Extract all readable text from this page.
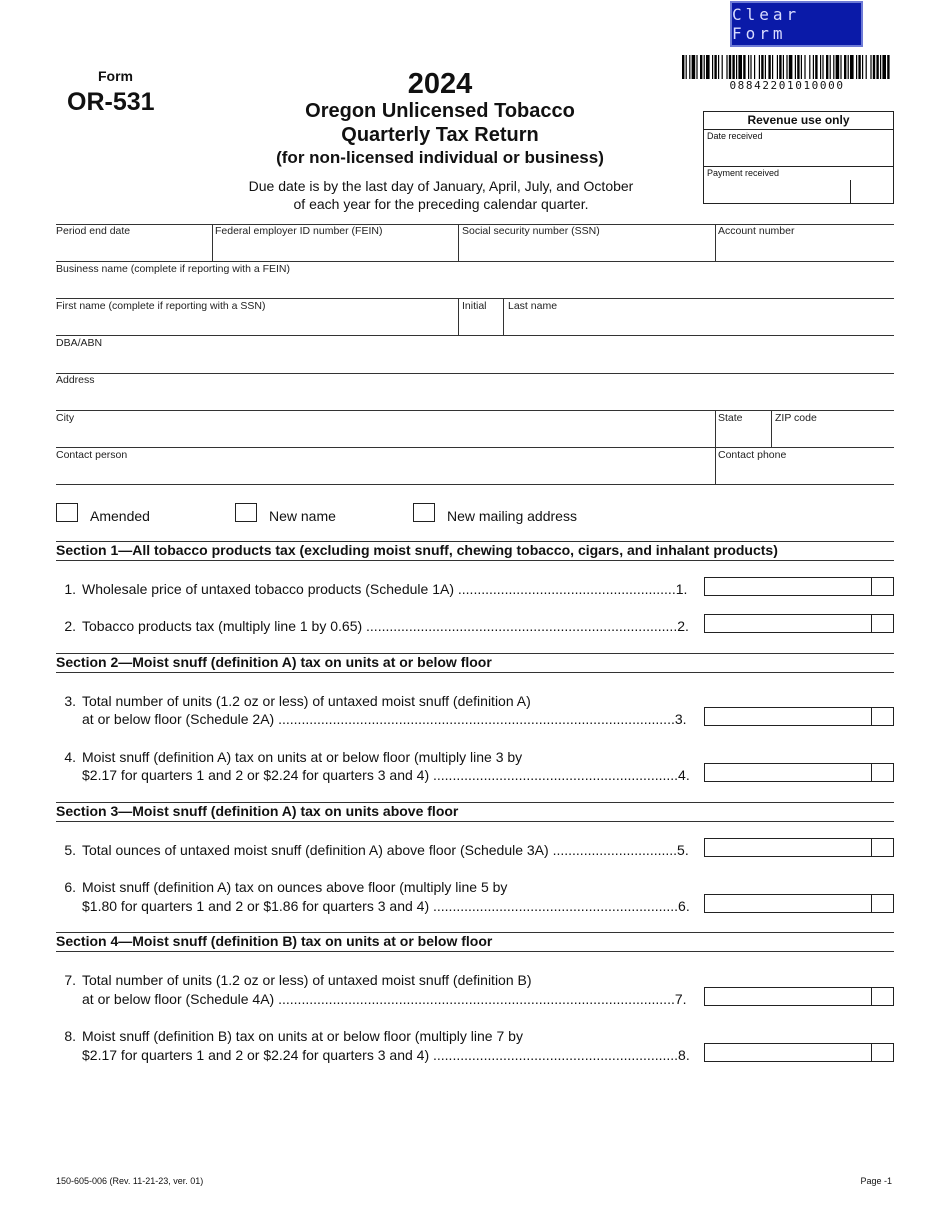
Clear Form
Form
OR-531
2024
Oregon Unlicensed Tobacco
Quarterly Tax Return
(for non-licensed individual or business)
Due date is by the last day of January, April, July, and October
of each year for the preceding calendar quarter.
08842201010000
Revenue use only
Date received
Payment received
Period end date	Federal employer ID number (FEIN)	Social security number (SSN)	Account number
Business name (complete if reporting with a FEIN)
First name (complete if reporting with a SSN)	Initial Last name
DBA/ABN
Address
City	State	ZIP code
Contact person	Contact phone
Amended	New name	New mailing address
Section 1—All tobacco products tax (excluding moist snuff, chewing tobacco, cigars, and inhalant products)
1. Wholesale price of untaxed tobacco products (Schedule 1A) ........................................................1.
2. Tobacco products tax (multiply line 1 by 0.65) ................................................................................2.
Section 2—Moist snuff (definition A) tax on units at or below floor
3. Total number of units (1.2 oz or less) of untaxed moist snuff (definition A)
at or below floor (Schedule 2A) ......................................................................................................3.
4. Moist snuff (definition A) tax on units at or below floor (multiply line 3 by
$2.17 for quarters 1 and 2 or $2.24 for quarters 3 and 4) ...............................................................4.
Section 3—Moist snuff (definition A) tax on units above floor
5. Total ounces of untaxed moist snuff (definition A) above floor (Schedule 3A) ................................5.
6. Moist snuff (definition A) tax on ounces above floor (multiply line 5 by
$1.80 for quarters 1 and 2 or $1.86 for quarters 3 and 4) ...............................................................6.
Section 4—Moist snuff (definition B) tax on units at or below floor
7. Total number of units (1.2 oz or less) of untaxed moist snuff (definition B)
at or below floor (Schedule 4A) ......................................................................................................7.
8. Moist snuff (definition B) tax on units at or below floor (multiply line 7 by
$2.17 for quarters 1 and 2 or $2.24 for quarters 3 and 4) ...............................................................8.
150-605-006 (Rev. 11-21-23, ver. 01)	Page -1
